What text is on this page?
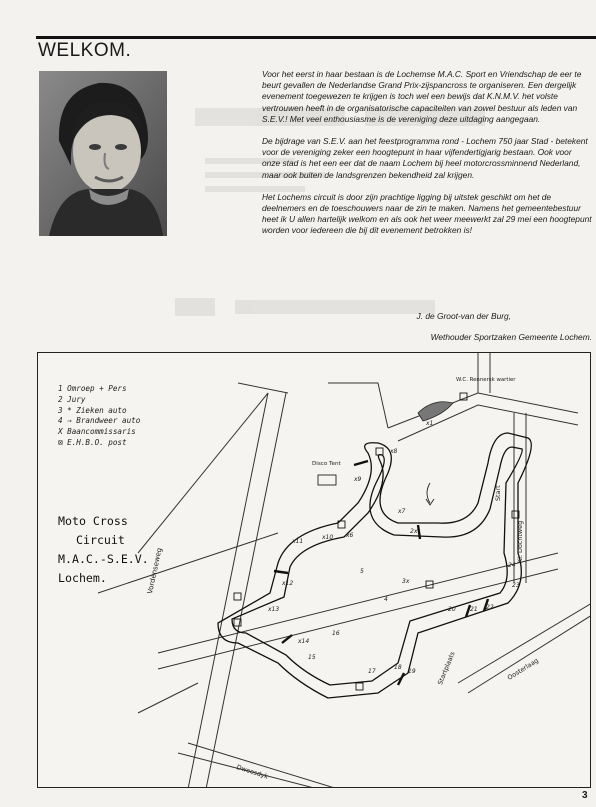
WELKOM.

Voor het eerst in haar bestaan is de Lochemse M.A.C. Sport en Vriendschap de eer te beurt gevallen de Nederlandse Grand Prix-zijspancross te organiseren. Een dergelijk evenement toegewezen te krijgen is toch wel een bewijs dat K.N.M.V. het volste vertrouwen heeft in de organisatorische capaciteiten van zowel bestuur als leden van S.E.V.! Met veel enthousiasme is de vereniging deze uitdaging aangegaan.

De bijdrage van S.E.V. aan het feestprogramma rond - Lochem 750 jaar Stad - betekent voor de vereniging zeker een hoogtepunt in haar vijfendertigjarig bestaan. Ook voor onze stad is het een eer dat de naam Lochem bij heel motorcrossminnend Nederland, maar ook buiten de landsgrenzen bekendheid zal krijgen.

Het Lochems circuit is door zijn prachtige ligging bij uitstek geschikt om het de deelnemers en de toeschouwers naar de zin te maken. Namens het gemeentebestuur heet ik U allen hartelijk welkom en als ook het weer meewerkt zal 29 mei een hoogtepunt worden voor iedereen die bij dit evenement betrokken is!

J. de Groot-van der Burg,
Wethouder Sportzaken Gemeente Lochem.
x1
2x
3x
4
5
x6
x7
x8
x9
x10
x11
x12
x13
x14
15
16
17
18
19
20 21 22
23
24
Vordenseweg
Kl. Dochtweg
Oosterlaag
Start
Disco Tent
W.C. Rennersk wartier
Startplaats
Dweesdyk
1 Omroep + Pers
2 Jury
3 * Zieken auto
4 ⇒ Brandweer auto
X Baancommissaris
⊠ E.H.B.O. post
Moto Cross
Circuit
M.A.C.-S.E.V.
Lochem.
3
